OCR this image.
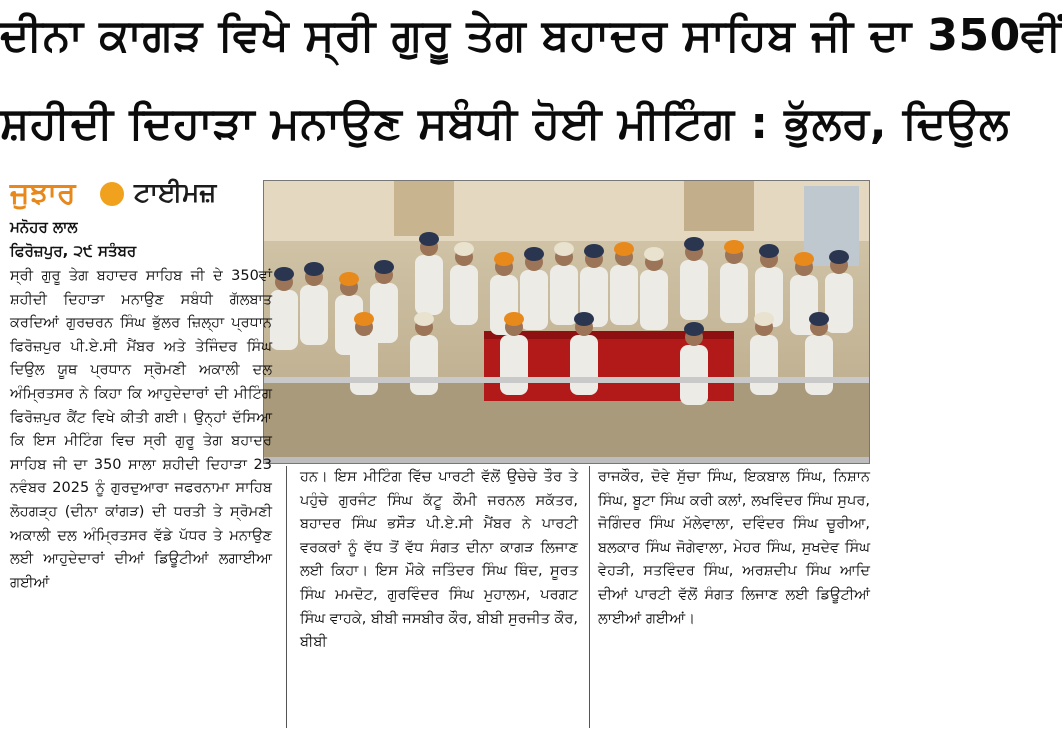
ਦੀਨਾ ਕਾਗੜ ਵਿਖੇ ਸ੍ਰੀ ਗੁਰੂ ਤੇਗ ਬਹਾਦਰ ਸਾਹਿਬ ਜੀ ਦਾ 350ਵੀਂ
ਸ਼ਹੀਦੀ ਦਿਹਾੜਾ ਮਨਾਉਣ ਸਬੰਧੀ ਹੋਈ ਮੀਟਿੰਗ : ਭੁੱਲਰ, ਦਿਉਲ
ਜੁਝਾਰ ਟਾਈਮਜ਼
ਮਨੋਹਰ ਲਾਲ
ਫਿਰੋਜ਼ਪੁਰ, ੨੯ ਸਤੰਬਰ
ਸ੍ਰੀ ਗੁਰੂ ਤੇਗ ਬਹਾਦਰ ਸਾਹਿਬ ਜੀ ਦੇ 350ਵਾਂ ਸ਼ਹੀਦੀ ਦਿਹਾੜਾ ਮਨਾਉਣ ਸਬੰਧੀ ਗੱਲਬਾਤ ਕਰਦਿਆਂ ਗੁਰਚਰਨ ਸਿੰਘ ਭੁੱਲਰ ਜ਼ਿਲ੍ਹਾ ਪ੍ਰਧਾਨ ਫਿਰੋਜ਼ਪੁਰ ਪੀ.ਏ.ਸੀ ਮੈਂਬਰ ਅਤੇ ਤੇਜਿੰਦਰ ਸਿੰਘ ਦਿਉਲ ਯੂਥ ਪ੍ਰਧਾਨ ਸ੍ਰੋਮਣੀ ਅਕਾਲੀ ਦਲ ਅੰਮ੍ਰਿਤਸਰ ਨੇ ਕਿਹਾ ਕਿ ਆਹੁਦੇਦਾਰਾਂ ਦੀ ਮੀਟਿੰਗ ਫਿਰੋਜ਼ਪੁਰ ਕੈਂਟ ਵਿਖੇ ਕੀਤੀ ਗਈ। ਉਨ੍ਹਾਂ ਦੱਸਿਆ ਕਿ ਇਸ ਮੀਟਿੰਗ ਵਿਚ ਸ੍ਰੀ ਗੁਰੂ ਤੇਗ ਬਹਾਦਰ ਸਾਹਿਬ ਜੀ ਦਾ 350 ਸਾਲਾ ਸ਼ਹੀਦੀ ਦਿਹਾੜਾ 23 ਨਵੰਬਰ 2025 ਨੂੰ ਗੁਰਦੁਆਰਾ ਜਫਰਨਾਮਾ ਸਾਹਿਬ ਲੋਹਗੜ੍ਹ (ਦੀਨਾ ਕਾਂਗੜ) ਦੀ ਧਰਤੀ ਤੇ ਸ੍ਰੋਮਣੀ ਅਕਾਲੀ ਦਲ ਅੰਮ੍ਰਿਤਸਰ ਵੱਡੇ ਪੱਧਰ ਤੇ ਮਨਾਉਣ ਲਈ ਆਹੁਦੇਦਾਰਾਂ ਦੀਆਂ ਡਿਊਟੀਆਂ ਲਗਾਈਆ ਗਈਆਂ
ਹਨ। ਇਸ ਮੀਟਿੰਗ ਵਿੱਚ ਪਾਰਟੀ ਵੱਲੋਂ ਉਚੇਚੇ ਤੌਰ ਤੇ ਪਹੁੰਚੇ ਗੁਰਜੰਟ ਸਿੰਘ ਕੱਟੂ ਕੌਮੀ ਜਰਨਲ ਸਕੱਤਰ, ਬਹਾਦਰ ਸਿੰਘ ਭਸੌੜ ਪੀ.ਏ.ਸੀ ਮੈਂਬਰ ਨੇ ਪਾਰਟੀ ਵਰਕਰਾਂ ਨੂੰ ਵੱਧ ਤੋਂ ਵੱਧ ਸੰਗਤ ਦੀਨਾ ਕਾਗੜ ਲਿਜਾਣ ਲਈ ਕਿਹਾ। ਇਸ ਮੌਕੇ ਜਤਿੰਦਰ ਸਿੰਘ ਥਿੰਦ, ਸੂਰਤ ਸਿੰਘ ਮਮਦੋਟ, ਗੁਰਵਿੰਦਰ ਸਿੰਘ ਮੁਹਾਲਮ, ਪਰਗਟ ਸਿੰਘ ਵਾਹਕੇ, ਬੀਬੀ ਜਸਬੀਰ ਕੌਰ, ਬੀਬੀ ਸੁਰਜੀਤ ਕੌਰ, ਬੀਬੀ
ਰਾਜਕੌਰ, ਦੋਵੇ ਸੁੱਚਾ ਸਿੰਘ, ਇਕਬਾਲ ਸਿੰਘ, ਨਿਸ਼ਾਨ ਸਿੰਘ, ਬੂਟਾ ਸਿੰਘ ਕਰੀ ਕਲਾਂ, ਲਖਵਿੰਦਰ ਸਿੰਘ ਸੁਪਰ, ਜੋਗਿੰਦਰ ਸਿੰਘ ਮੱਲੇਵਾਲਾ, ਦਵਿੰਦਰ ਸਿੰਘ ਚੂਰੀਆ, ਬਲਕਾਰ ਸਿੰਘ ਜੋਗੇਵਾਲਾ, ਮੇਹਰ ਸਿੰਘ, ਸੁਖਦੇਵ ਸਿੰਘ ਵੇਹੜੀ, ਸਤਵਿੰਦਰ ਸਿੰਘ, ਅਰਸ਼ਦੀਪ ਸਿੰਘ ਆਦਿ ਦੀਆਂ ਪਾਰਟੀ ਵੱਲੋਂ ਸੰਗਤ ਲਿਜਾਣ ਲਈ ਡਿਊਟੀਆਂ ਲਾਈਆਂ ਗਈਆਂ।
